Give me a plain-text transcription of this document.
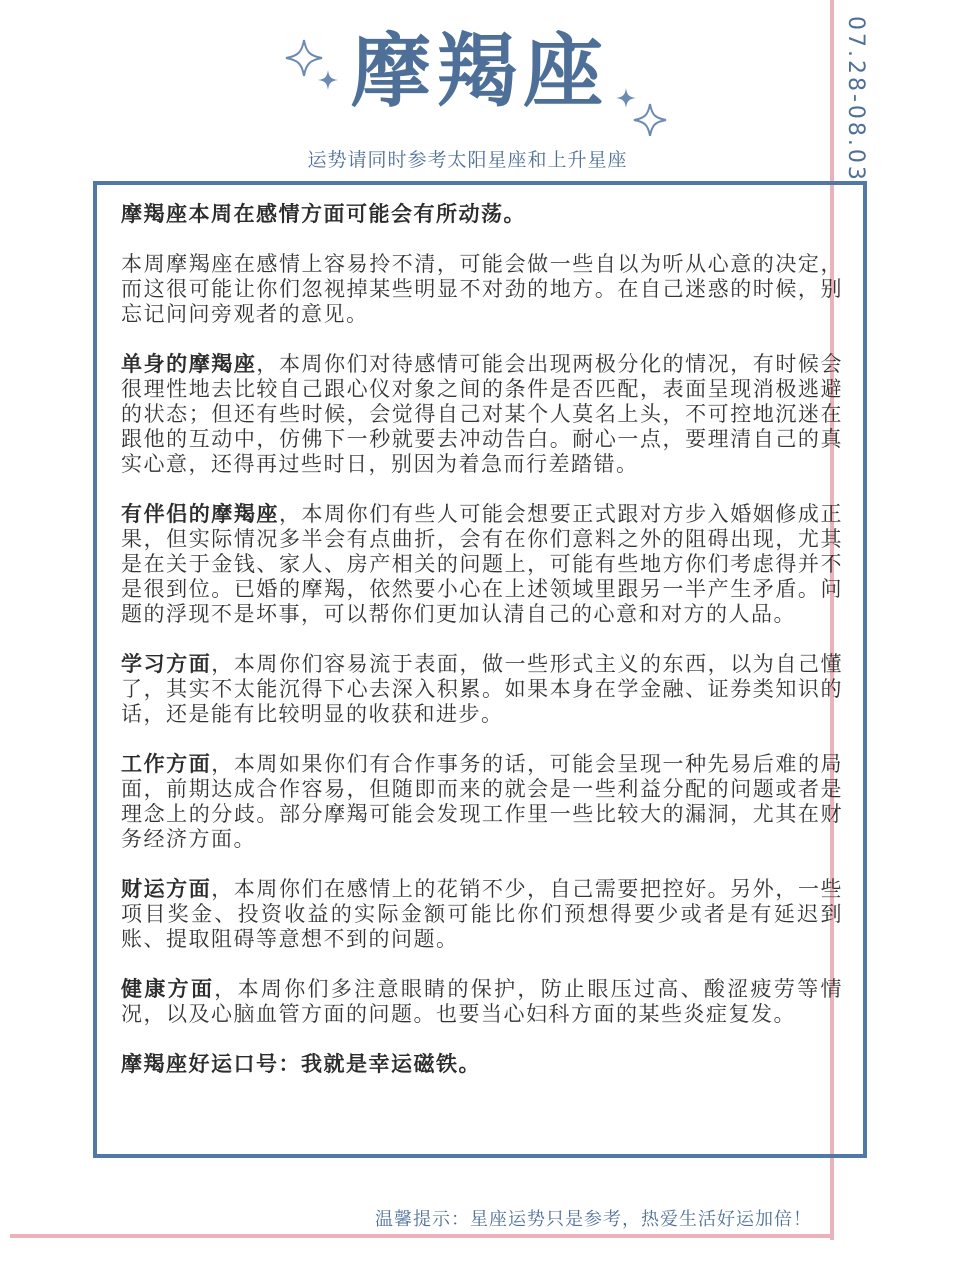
07.28-08.03
摩羯座
运势请同时参考太阳星座和上升星座

摩羯座本周在感情方面可能会有所动荡。

本周摩羯座在感情上容易拎不清，可能会做一些自以为听从心意的决定，而这很可能让你们忽视掉某些明显不对劲的地方。在自己迷惑的时候，别忘记问问旁观者的意见。

单身的摩羯座，本周你们对待感情可能会出现两极分化的情况，有时候会很理性地去比较自己跟心仪对象之间的条件是否匹配，表面呈现消极逃避的状态；但还有些时候，会觉得自己对某个人莫名上头，不可控地沉迷在跟他的互动中，仿佛下一秒就要去冲动告白。耐心一点，要理清自己的真实心意，还得再过些时日，别因为着急而行差踏错。

有伴侣的摩羯座，本周你们有些人可能会想要正式跟对方步入婚姻修成正果，但实际情况多半会有点曲折，会有在你们意料之外的阻碍出现，尤其是在关于金钱、家人、房产相关的问题上，可能有些地方你们考虑得并不是很到位。已婚的摩羯，依然要小心在上述领域里跟另一半产生矛盾。问题的浮现不是坏事，可以帮你们更加认清自己的心意和对方的人品。

学习方面，本周你们容易流于表面，做一些形式主义的东西，以为自己懂了，其实不太能沉得下心去深入积累。如果本身在学金融、证券类知识的话，还是能有比较明显的收获和进步。

工作方面，本周如果你们有合作事务的话，可能会呈现一种先易后难的局面，前期达成合作容易，但随即而来的就会是一些利益分配的问题或者是理念上的分歧。部分摩羯可能会发现工作里一些比较大的漏洞，尤其在财务经济方面。

财运方面，本周你们在感情上的花销不少，自己需要把控好。另外，一些项目奖金、投资收益的实际金额可能比你们预想得要少或者是有延迟到账、提取阻碍等意想不到的问题。

健康方面，本周你们多注意眼睛的保护，防止眼压过高、酸涩疲劳等情况，以及心脑血管方面的问题。也要当心妇科方面的某些炎症复发。

摩羯座好运口号：我就是幸运磁铁。

温馨提示：星座运势只是参考，热爱生活好运加倍！
